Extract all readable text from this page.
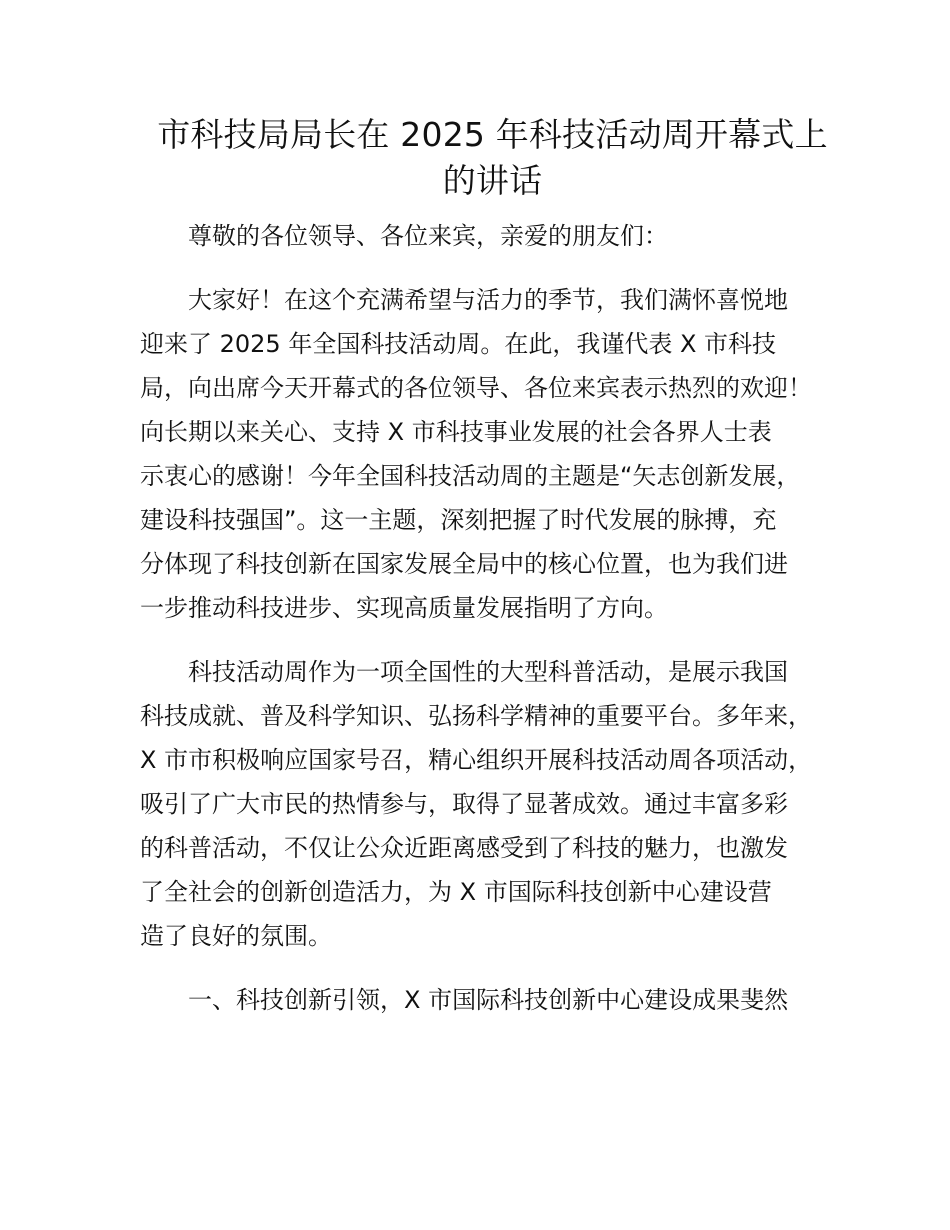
市科技局局长在 2025 年科技活动周开幕式上
的讲话

尊敬的各位领导、各位来宾，亲爱的朋友们：

大家好！在这个充满希望与活力的季节，我们满怀喜悦地
迎来了 2025 年全国科技活动周。在此，我谨代表 X 市科技
局，向出席今天开幕式的各位领导、各位来宾表示热烈的欢迎！
向长期以来关心、支持 X 市科技事业发展的社会各界人士表
示衷心的感谢！今年全国科技活动周的主题是“矢志创新发展，
建设科技强国”。这一主题，深刻把握了时代发展的脉搏，充
分体现了科技创新在国家发展全局中的核心位置，也为我们进
一步推动科技进步、实现高质量发展指明了方向。

科技活动周作为一项全国性的大型科普活动，是展示我国
科技成就、普及科学知识、弘扬科学精神的重要平台。多年来，
X 市市积极响应国家号召，精心组织开展科技活动周各项活动，
吸引了广大市民的热情参与，取得了显著成效。通过丰富多彩
的科普活动，不仅让公众近距离感受到了科技的魅力，也激发
了全社会的创新创造活力，为 X 市国际科技创新中心建设营
造了良好的氛围。

一、科技创新引领，X 市国际科技创新中心建设成果斐然
